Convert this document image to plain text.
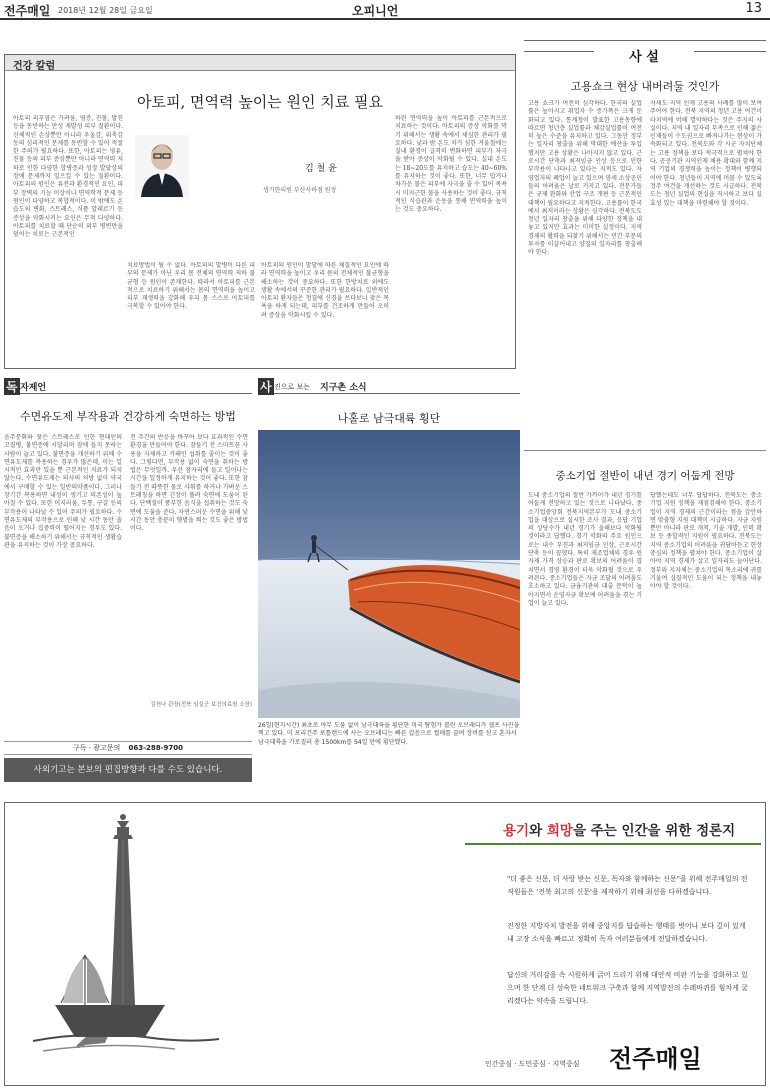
전주매일 2018년 12월 28일 금요일	오피니언	13
건강 칼럼
아토피, 면역력 높이는 원인 치료 필요
아토피 피부염은 가려움, 염증, 진물, 발진 등을 동반하는 만성 재발성 피부 질환이다. 신체적인 손상뿐만 아니라 우울감, 위축감 등의 심리적인 문제를 동반할 수 있어 적절한 주의가 필요하다. 또한, 아토피는 영유, 진물 등의 피부 증상뿐만 아니라 면역력 저하로 인한 다양한 합병증과 성장 발달상의 장애 문제까지 일으킬 수 있는 질환이다. 아토피의 원인은 유전과 환경적인 요인, 피부 장벽의 기능 이상이나 면역학적 문제 등 원인이 다양하고 복합적이다. 이 밖에도 온습도의 변화, 스트레스, 식품 알레르기 등 증상을 악화시키는 요인은 무척 다양하다. 아토피를 치료할 때 단순히 외부 병변만을 덮어는 치료는 근본적인
김 철 윤
생기한의원 부산사하점 원장
치료방법이 될 수 없다. 아토피의 발병이 다른 피부의 문제가 아닌 우리 몸 전체의 면역력 저하 불균형 등 원인이 존재한다. 따라서 아토피를 근본적으로 치료하기 위해서는 몸의 면역력을 높이고 피부 재생력을 강화해 우리 몸 스스로 아토피를 극복할 수 있어야 한다.
아토피의 원인이 발달에 따른 체질적인 요인에 따라 면역력을 높이고 우리 몸의 전체적인 불균형을 해소하는 것이 중요하다. 또한 한방치료 외에도 생활 속에서의 꾸준한 관리가 필요하다. 일반적인 아토피 환자들은 청결에 신경을 쓰다보니 잦은 목욕을 하게 되는데, 피부를 건조하게 만들어 오히려 증상을 악화시킬 수 있다.
하된 면역력을 높이 아토피를 근본적으로 치료하는 것이다. 아토피의 증상 악화를 막기 위해서는 생활 속에서 세심한 관리가 필요하다. 낮과 밤 온도 차가 심한 겨울철에는 실내 환경이 급격히 변화하면 피부가 자극을 받아 증상이 악화될 수 있다. 실내 온도는 18~20도를 유지하고 습도는 40~60%를 유지하는 것이 좋다. 또한, 너무 덥거나 차가운 물은 피부에 자극을 줄 수 있어 목욕 시 미지근한 물을 사용하는 것이 좋다. 규칙적인 식습관과 운동을 통해 면역력을 높이는 것도 중요하다.
사 설
고용쇼크 현상 내버려둘 것인가
고용 쇼크가 여전히 심각하다. 한국의 실업률은 높아지고 취업자 수 증가폭은 크게 둔화되고 있다. 통계청이 발표한 고용동향에 따르면 청년층 실업률과 체감실업률이 여전히 높은 수준을 유지하고 있다. 그동안 정부는 일자리 창출을 위해 막대한 예산을 투입했지만 고용 상황은 나아지지 않고 있다. 근로시간 단축과 최저임금 인상 등으로 인한 부작용이 나타나고 있다는 지적도 있다. 자영업자의 폐업이 늘고 있으며 영세 소상공인들의 어려움은 날로 커지고 있다. 전문가들은 규제 완화와 산업 구조 개편 등 근본적인 대책이 필요하다고 지적한다. 고용률이 한국에서 최저이라는 상황은 심각하다. 전북도도 청년 일자리 창출을 위해 다양한 정책을 내놓고 있지만 효과는 미미한 실정이다. 지역 경제의 활력을 되찾기 위해서는 민간 부문의 투자를 이끌어내고 양질의 일자리를 창출해야 한다.
자세도 지역 인재 고용의 사례를 많이 보여주어야 한다. 전북 지역의 청년 고용 여건이 타지역에 비해 열악하다는 것은 주지의 사실이다. 지역 내 일자리 부족으로 인해 젊은 인재들이 수도권으로 빠져나가는 현상이 가속화되고 있다. 전북도와 각 시군 자치단체는 고용 정책을 보다 적극적으로 펼쳐야 한다. 공공기관 지역인재 채용 확대와 함께 지역 기업의 경쟁력을 높이는 정책이 병행되어야 한다. 청년들이 지역에 머물 수 있도록 정주 여건을 개선하는 것도 시급하다. 전북도는 청년 실업의 현실을 직시하고 보다 실효성 있는 대책을 마련해야 할 것이다.
중소기업 절반이 내년 경기 어둡게 전망
도내 중소기업의 절반 가까이가 내년 경기를 어둡게 전망하고 있는 것으로 나타났다. 중소기업중앙회 전북지역본부가 도내 중소기업을 대상으로 실시한 조사 결과, 응답 기업의 상당수가 내년 경기가 올해보다 악화될 것이라고 답했다. 경기 악화의 주요 원인으로는 내수 부진과 최저임금 인상, 근로시간 단축 등이 꼽혔다. 특히 제조업체의 경우 원자재 가격 상승과 판로 확보의 어려움이 겹치면서 경영 환경이 더욱 악화될 것으로 우려된다. 중소기업들은 자금 조달의 어려움도 호소하고 있다. 금융기관의 대출 문턱이 높아지면서 운영자금 확보에 어려움을 겪는 기업이 늘고 있다.
답했는데도 너무 답답하다. 전북도는 중소기업 지원 정책을 재점검해야 한다. 중소기업이 지역 경제의 근간이라는 점을 감안하면 맞춤형 지원 대책이 시급하다. 자금 지원뿐만 아니라 판로 개척, 기술 개발, 인력 확보 등 종합적인 지원이 필요하다. 전북도는 지역 중소기업의 어려움을 귀담아듣고 현장 중심의 정책을 펼쳐야 한다. 중소기업이 살아야 지역 경제가 살고 일자리도 늘어난다. 정부와 지자체는 중소기업의 목소리에 귀를 기울여 실질적인 도움이 되는 정책을 내놓아야 할 것이다.
독 자제언
수면유도제 부작용과 건강하게 숙면하는 방법
음주문화와 잦은 스트레스로 인한 현대인의 고질병, 불면증에 시달리며 잠에 들지 못하는 사람이 늘고 있다. 불면증을 개선하기 위해 수면유도제를 복용하는 경우가 많은데, 이는 일시적인 효과만 있을 뿐 근본적인 치료가 되지 않는다. 수면유도제는 의사의 처방 없이 약국에서 구매할 수 있는 일반의약품이다. 그러나 장기간 복용하면 내성이 생기고 의존성이 높아질 수 있다. 또한 어지러움, 두통, 구갈 등의 부작용이 나타날 수 있어 주의가 필요하다. 수면유도제의 부작용으로 인해 낮 시간 동안 졸음이 오거나 집중력이 떨어지는 경우도 있다. 불면증을 해소하기 위해서는 규칙적인 생활습관을 유지하는 것이 가장 중요하다.
전 주간의 반응을 바꾸어 보다 효과적인 수면 환경을 만들어야 한다. 잠들기 전 스마트폰 사용을 자제하고 카페인 섭취를 줄이는 것이 좋다. 그렇다면, 부작용 없이 숙면을 취하는 방법은 무엇일까. 우선 잠자리에 들고 일어나는 시간을 일정하게 유지하는 것이 좋다. 또한 잠들기 전 따뜻한 물로 샤워를 하거나 가벼운 스트레칭을 하면 긴장이 풀려 숙면에 도움이 된다. 단백질이 풍부한 음식을 섭취하는 것도 숙면에 도움을 준다. 자연스러운 수면을 위해 낮 시간 동안 충분히 햇볕을 쬐는 것도 좋은 방법이다.
김천나 관장(전북 임실군 보건의료원 소장)
구독 · 광고문의 063-288-9700
사외기고는 본보의 편집방향과 다를 수도 있습니다.
사 진으로 보는 지구촌 소식
나홀로 남극대륙 횡단
26일(현지시간) 최초로 아무 도움 없이 남극대륙을 횡단한 미국 탐험가 콜린 오브래디가 셀프 사진을 찍고 있다. 미 포리건주 포틀랜드에 사는 오브래디는 빠른 걸음으로 썰매를 끌며 장비를 싣고 혼자서 남극대륙을 가로질러 총 1500km를 54일 만에 횡단했다.
용기와 희망을 주는 인간을 위한 정론지
"더 좋은 신문, 더 사랑 받는 신문, 독자와 함께하는 신문"을 위해 전주매일의 전 직원들은 '전북 최고의 신문'을 제작하기 위해 최선을 다하겠습니다.
진정한 지방자치 발전을 위해 중앙지를 답습하는 행태를 벗어나 보다 깊이 있게 내 고장 소식을 빠르고 정확히 독자 여러분들에게 전달하겠습니다.
답신의 거리감을 속 시원하게 긁어 드리기 위해 대안적 비판 기능을 강화하고 있으며 한 단계 더 성숙한 네트워크 구축과 함께 지역발전의 수레바퀴를 힘차게 굴리겠다는 약속을 드립니다.
인간중심 · 도민중심 · 지역중심 전주매일
